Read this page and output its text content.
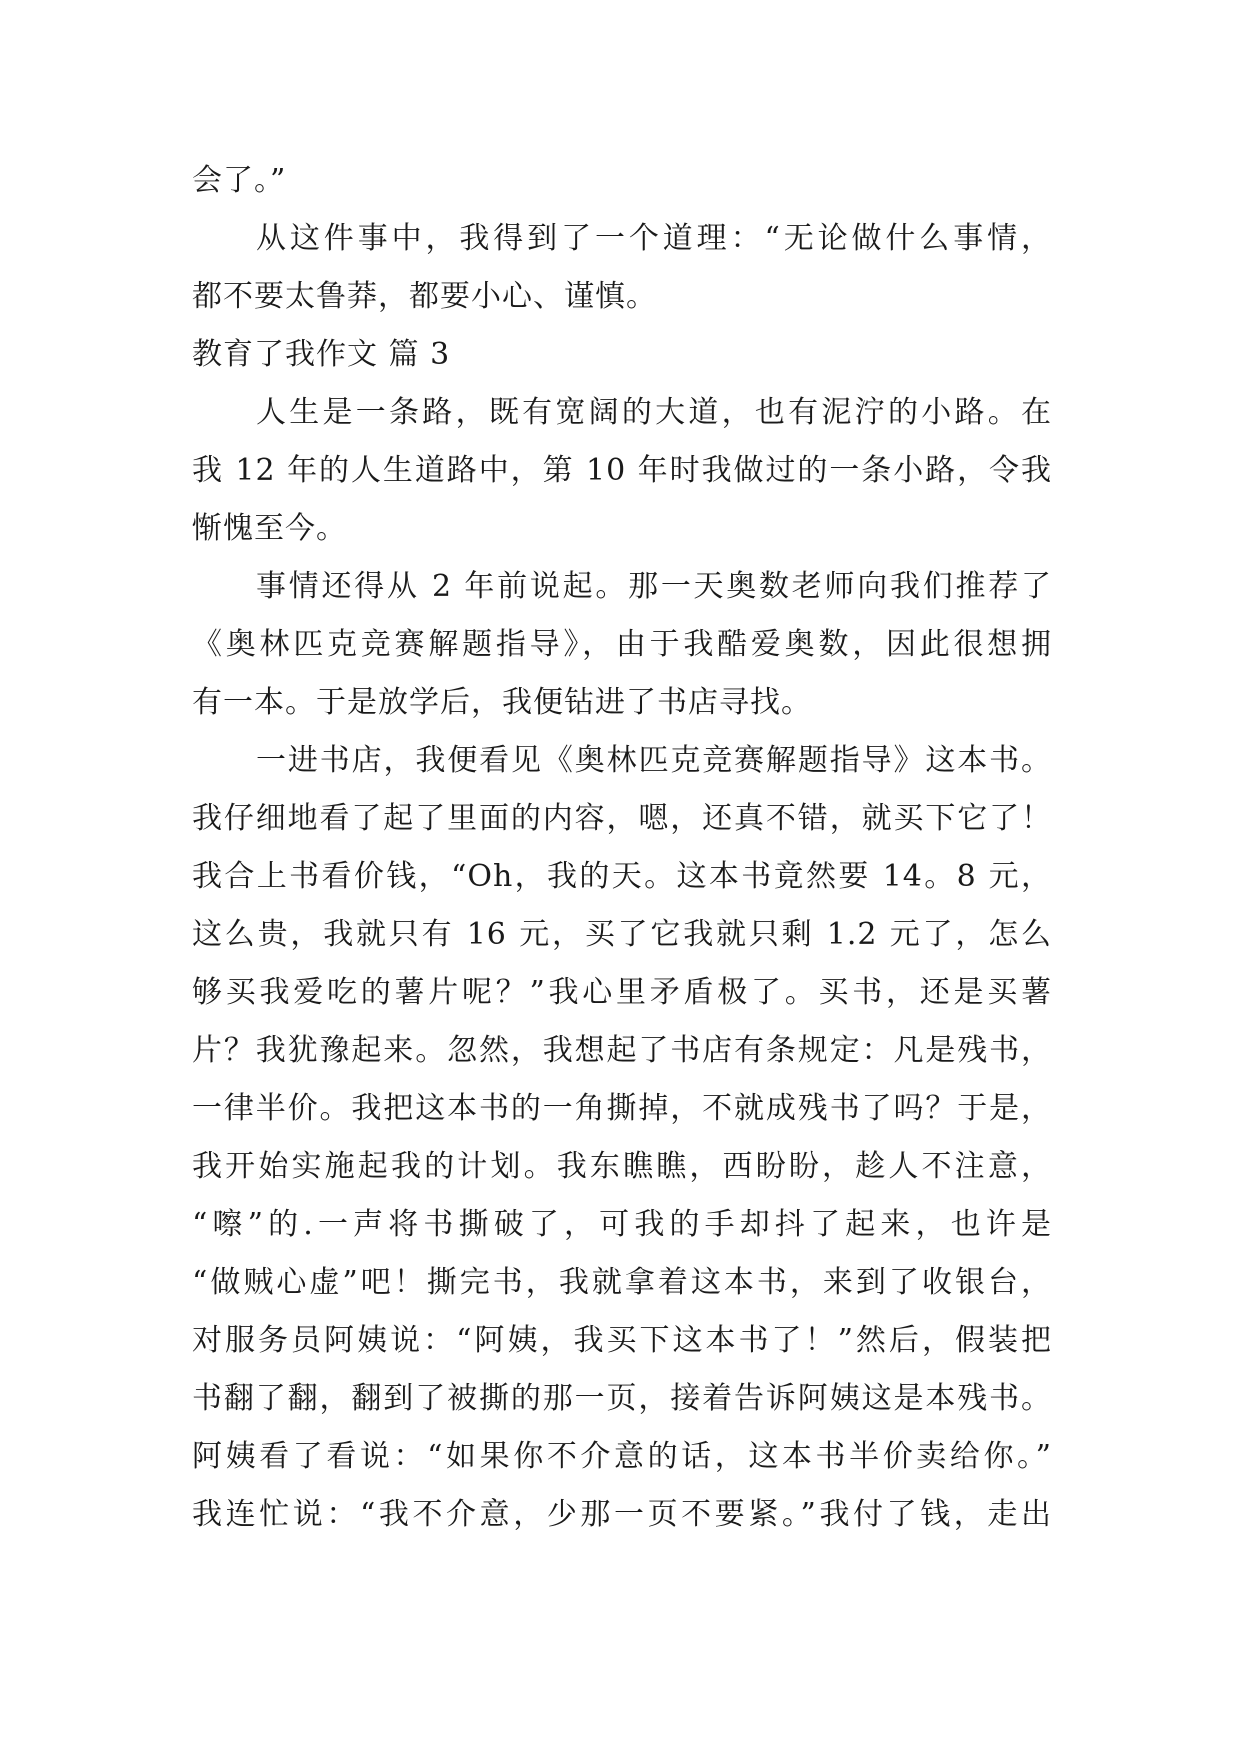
会了。”
从这件事中，我得到了一个道理：“无论做什么事情，
都不要太鲁莽，都要小心、谨慎。
教育了我作文 篇 3
人生是一条路，既有宽阔的大道，也有泥泞的小路。在
我 12 年的人生道路中，第 10 年时我做过的一条小路，令我
惭愧至今。
事情还得从 2 年前说起。那一天奥数老师向我们推荐了
《奥林匹克竞赛解题指导》，由于我酷爱奥数，因此很想拥
有一本。于是放学后，我便钻进了书店寻找。
一进书店，我便看见《奥林匹克竞赛解题指导》这本书。
我仔细地看了起了里面的内容，嗯，还真不错，就买下它了！
我合上书看价钱，“Oh，我的天。这本书竟然要 14。8 元，
这么贵，我就只有 16 元，买了它我就只剩 1.2 元了，怎么
够买我爱吃的薯片呢？”我心里矛盾极了。买书，还是买薯
片？我犹豫起来。忽然，我想起了书店有条规定：凡是残书，
一律半价。我把这本书的一角撕掉，不就成残书了吗？于是，
我开始实施起我的计划。我东瞧瞧，西盼盼，趁人不注意，
“嚓”的.一声将书撕破了，可我的手却抖了起来，也许是
“做贼心虚”吧！撕完书，我就拿着这本书，来到了收银台，
对服务员阿姨说：“阿姨，我买下这本书了！”然后，假装把
书翻了翻，翻到了被撕的那一页，接着告诉阿姨这是本残书。
阿姨看了看说：“如果你不介意的话，这本书半价卖给你。”
我连忙说：“我不介意，少那一页不要紧。”我付了钱，走出
